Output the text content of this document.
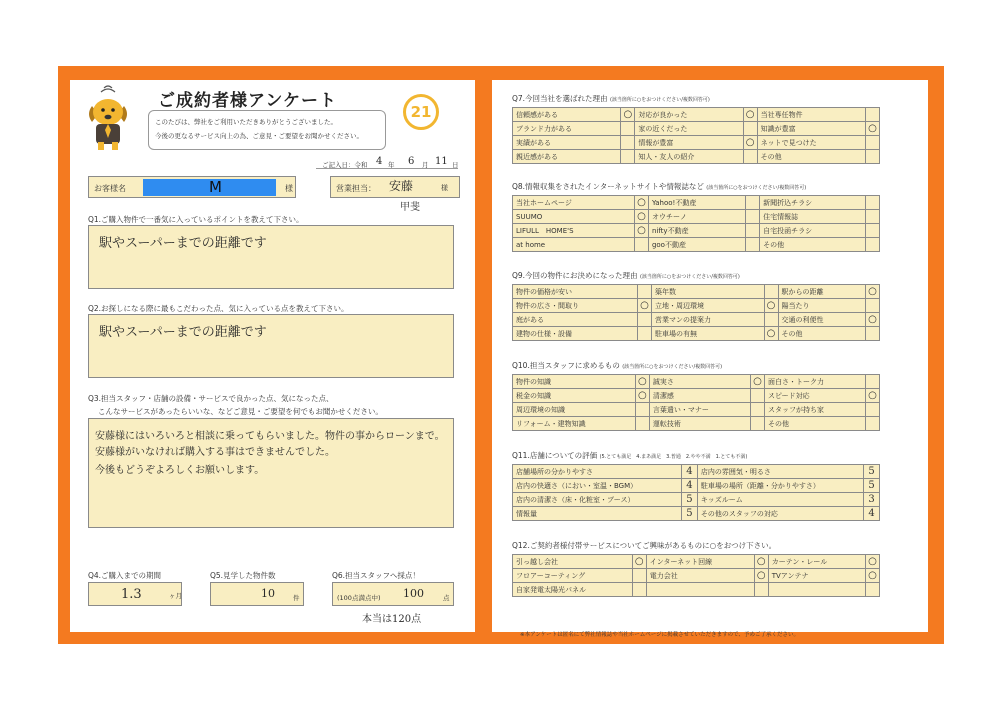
ご成約者様アンケート
このたびは、弊社をご利用いただきありがとうございました。
今後の更なるサービス向上の為、ご意見・ご要望をお聞かせください。
21
ご記入日：令和 4 年 6 月 11 日
お客様名	M	様	営業担当： 安藤	様
甲斐
Q1.ご購入物件で一番気に入っているポイントを教えて下さい。
駅やスーパーまでの距離です
Q2.お探しになる際に最もこだわった点、気に入っている点を教えて下さい。
駅やスーパーまでの距離です
Q3.担当スタッフ・店舗の設備・サービスで良かった点、気になった点、
こんなサービスがあったらいいな、などご意見・ご要望を何でもお聞かせください。
安藤様にはいろいろと相談に乗ってもらいました。物件の事からローンまで。
安藤様がいなければ購入する事はできませんでした。
今後もどうぞよろしくお願いします。
Q4.ご購入までの期間
1.3	ヶ月
Q5.見学した物件数
10	件
Q6.担当スタッフへ採点！
(100点満点中) 100	点
本当は120点
Q7.今回当社を選ばれた理由 (該当箇所に○をおつけください/複数回答可)
信頼感がある	○	対応が良かった	○	当社専任物件	
ブランド力がある		家の近くだった		知識が豊富	○
実績がある		情報が豊富	○	ネットで見つけた	
親近感がある		知人・友人の紹介		その他	
Q8.情報収集をされたインターネットサイトや情報誌など (該当箇所に○をおつけください/複数回答可)
当社ホームページ	○	Yahoo!不動産		新聞折込チラシ	
SUUMO	○	オウチーノ		住宅情報誌	
LIFULL　HOME'S	○	nifty不動産		自宅投函チラシ	
at home		goo不動産		その他	
Q9.今回の物件にお決めになった理由 (該当箇所に○をおつけください/複数回答可)
物件の価格が安い		築年数		駅からの距離	○
物件の広さ・間取り	○	立地・周辺環境	○	陽当たり	
庭がある		営業マンの提案力		交通の利便性	○
建物の仕様・設備		駐車場の有無	○	その他	
Q10.担当スタッフに求めるもの (該当箇所に○をおつけください/複数回答可)
物件の知識	○	誠実さ	○	面白さ・トーク力	
税金の知識	○	清潔感		スピード対応	○
周辺環境の知識		言葉遣い・マナー		スタッフが持ち家	
リフォーム・建物知識		運転技術		その他	
Q11.店舗についての評価 (5.とても満足　4.まあ満足　3.普通　2.やや不満　1.とても不満)
店舗場所の分かりやすさ	4	店内の雰囲気・明るさ	5
店内の快適さ（におい・室温・BGM）	4	駐車場の場所（距離・分かりやすさ）	5
店内の清潔さ（床・化粧室・ブース）	5	キッズルーム	3
情報量	5	その他のスタッフの対応	4
Q12.ご契約者様付帯サービスについてご興味があるものに○をおつけ下さい。
引っ越し会社	○	インターネット回線	○	カーテン・レール	○
フロアーコーティング		電力会社	○	TVアンテナ	○
自家発電太陽光パネル					
※本アンケートは匿名にて弊社情報誌や当社ホームページに掲載させていただきますので、予めご了承ください。
